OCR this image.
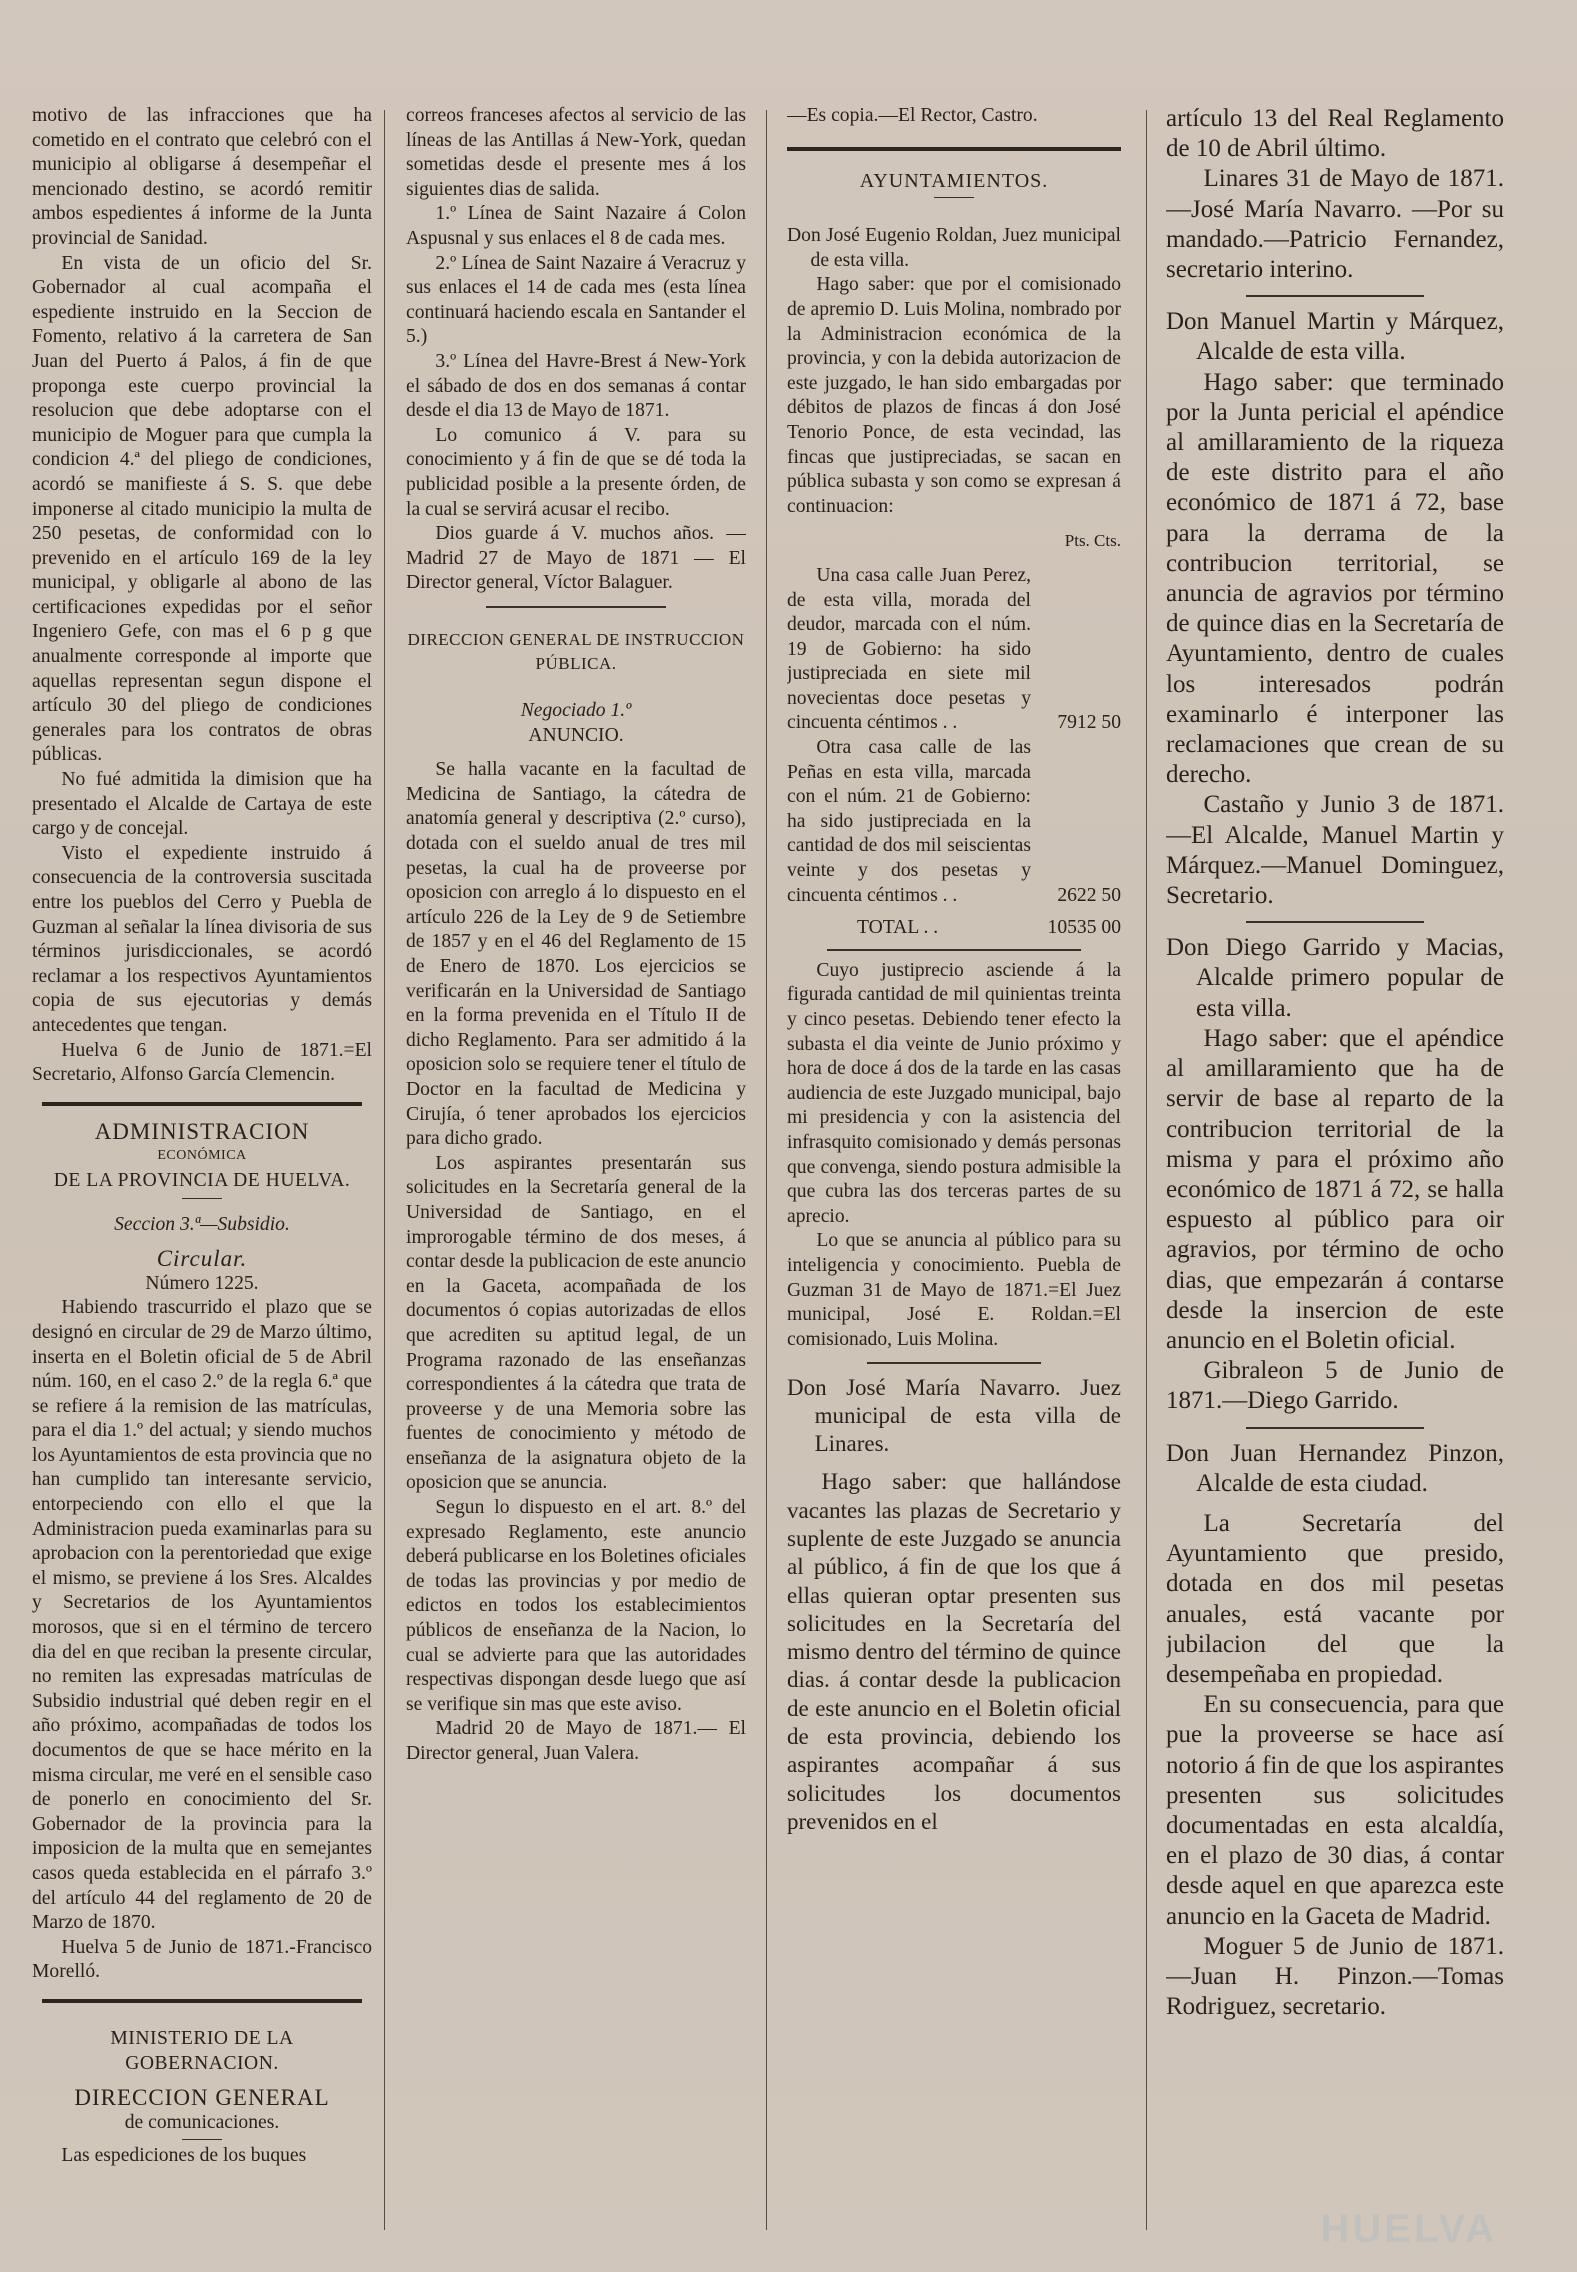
motivo de las infracciones que ha cometido en el contrato que celebró con el municipio al obligarse á desempeñar el mencionado destino, se acordó remitir ambos espedientes á informe de la Junta provincial de Sanidad.

En vista de un oficio del Sr. Gobernador al cual acompaña el espediente instruido en la Seccion de Fomento, relativo á la carretera de San Juan del Puerto á Palos, á fin de que proponga este cuerpo provincial la resolucion que debe adoptarse con el municipio de Moguer para que cumpla la condicion 4.ª del pliego de condiciones, acordó se manifieste á S. S. que debe imponerse al citado municipio la multa de 250 pesetas, de conformidad con lo prevenido en el artículo 169 de la ley municipal, y obligarle al abono de las certificaciones expedidas por el señor Ingeniero Gefe, con mas el 6 p g que anualmente corresponde al importe que aquellas representan segun dispone el artículo 30 del pliego de condiciones generales para los contratos de obras públicas.

No fué admitida la dimision que ha presentado el Alcalde de Cartaya de este cargo y de concejal.

Visto el expediente instruido á consecuencia de la controversia suscitada entre los pueblos del Cerro y Puebla de Guzman al señalar la línea divisoria de sus términos jurisdiccionales, se acordó reclamar a los respectivos Ayuntamientos copia de sus ejecutorias y demás antecedentes que tengan.

Huelva 6 de Junio de 1871.=El Secretario, Alfonso García Clemencin.

ADMINISTRACION

ECONÓMICA

DE LA PROVINCIA DE HUELVA.

Seccion 3.ª—Subsidio.

Circular.

Número 1225.

Habiendo trascurrido el plazo que se designó en circular de 29 de Marzo último, inserta en el Boletin oficial de 5 de Abril núm. 160, en el caso 2.º de la regla 6.ª que se refiere á la remision de las matrículas, para el dia 1.º del actual; y siendo muchos los Ayuntamientos de esta provincia que no han cumplido tan interesante servicio, entorpeciendo con ello el que la Administracion pueda examinarlas para su aprobacion con la perentoriedad que exige el mismo, se previene á los Sres. Alcaldes y Secretarios de los Ayuntamientos morosos, que si en el término de tercero dia del en que reciban la presente circular, no remiten las expresadas matrículas de Subsidio industrial qué deben regir en el año próximo, acompañadas de todos los documentos de que se hace mérito en la misma circular, me veré en el sensible caso de ponerlo en conocimiento del Sr. Gobernador de la provincia para la imposicion de la multa que en semejantes casos queda establecida en el párrafo 3.º del artículo 44 del reglamento de 20 de Marzo de 1870.

Huelva 5 de Junio de 1871.-Francisco Morelló.

MINISTERIO DE LA GOBERNACION.

DIRECCION GENERAL

de comunicaciones.

Las espediciones de los buques

correos franceses afectos al servicio de las líneas de las Antillas á New-York, quedan sometidas desde el presente mes á los siguientes dias de salida.

1.º Línea de Saint Nazaire á Colon Aspusnal y sus enlaces el 8 de cada mes.

2.º Línea de Saint Nazaire á Veracruz y sus enlaces el 14 de cada mes (esta línea continuará haciendo escala en Santander el 5.)

3.º Línea del Havre-Brest á New-York el sábado de dos en dos semanas á contar desde el dia 13 de Mayo de 1871.

Lo comunico á V. para su conocimiento y á fin de que se dé toda la publicidad posible a la presente órden, de la cual se servirá acusar el recibo.

Dios guarde á V. muchos años. —Madrid 27 de Mayo de 1871 — El Director general, Víctor Balaguer.

DIRECCION GENERAL DE INSTRUCCION PÚBLICA.

Negociado 1.º

ANUNCIO.

Se halla vacante en la facultad de Medicina de Santiago, la cátedra de anatomía general y descriptiva (2.º curso), dotada con el sueldo anual de tres mil pesetas, la cual ha de proveerse por oposicion con arreglo á lo dispuesto en el artículo 226 de la Ley de 9 de Setiembre de 1857 y en el 46 del Reglamento de 15 de Enero de 1870. Los ejercicios se verificarán en la Universidad de Santiago en la forma prevenida en el Título II de dicho Reglamento. Para ser admitido á la oposicion solo se requiere tener el título de Doctor en la facultad de Medicina y Cirujía, ó tener aprobados los ejercicios para dicho grado.

Los aspirantes presentarán sus solicitudes en la Secretaría general de la Universidad de Santiago, en el improrogable término de dos meses, á contar desde la publicacion de este anuncio en la Gaceta, acompañada de los documentos ó copias autorizadas de ellos que acrediten su aptitud legal, de un Programa razonado de las enseñanzas correspondientes á la cátedra que trata de proveerse y de una Memoria sobre las fuentes de conocimiento y método de enseñanza de la asignatura objeto de la oposicion que se anuncia.

Segun lo dispuesto en el art. 8.º del expresado Reglamento, este anuncio deberá publicarse en los Boletines oficiales de todas las provincias y por medio de edictos en todos los establecimientos públicos de enseñanza de la Nacion, lo cual se advierte para que las autoridades respectivas dispongan desde luego que así se verifique sin mas que este aviso.

Madrid 20 de Mayo de 1871.— El Director general, Juan Valera.

—Es copia.—El Rector, Castro.

AYUNTAMIENTOS.

Don José Eugenio Roldan, Juez municipal de esta villa.

Hago saber: que por el comisionado de apremio D. Luis Molina, nombrado por la Administracion económica de la provincia, y con la debida autorizacion de este juzgado, le han sido embargadas por débitos de plazos de fincas á don José Tenorio Ponce, de esta vecindad, las fincas que justipreciadas, se sacan en pública subasta y son como se expresan á continuacion:

Pts. Cts.

Una casa calle Juan Perez, de esta villa, morada del deudor, marcada con el núm. 19 de Gobierno: ha sido justipreciada en siete mil novecientas doce pesetas y cincuenta céntimos . .	7912 50

Otra casa calle de las Peñas en esta villa, marcada con el núm. 21 de Gobierno: ha sido justipreciada en la cantidad de dos mil seiscientas veinte y dos pesetas y cincuenta céntimos . .	2622 50
TOTAL . .	10535 00

Cuyo justiprecio asciende á la figurada cantidad de mil quinientas treinta y cinco pesetas. Debiendo tener efecto la subasta el dia veinte de Junio próximo y hora de doce á dos de la tarde en las casas audiencia de este Juzgado municipal, bajo mi presidencia y con la asistencia del infrasquito comisionado y demás personas que convenga, siendo postura admisible la que cubra las dos terceras partes de su aprecio.

Lo que se anuncia al público para su inteligencia y conocimiento. Puebla de Guzman 31 de Mayo de 1871.=El Juez municipal, José E. Roldan.=El comisionado, Luis Molina.

Don José María Navarro. Juez municipal de esta villa de Linares.

Hago saber: que hallándose vacantes las plazas de Secretario y suplente de este Juzgado se anuncia al público, á fin de que los que á ellas quieran optar presenten sus solicitudes en la Secretaría del mismo dentro del término de quince dias. á contar desde la publicacion de este anuncio en el Boletin oficial de esta provincia, debiendo los aspirantes acompañar á sus solicitudes los documentos prevenidos en el

artículo 13 del Real Reglamento de 10 de Abril último.

Linares 31 de Mayo de 1871.—José María Navarro. —Por su mandado.—Patricio Fernandez, secretario interino.

Don Manuel Martin y Márquez, Alcalde de esta villa.

Hago saber: que terminado por la Junta pericial el apéndice al amillaramiento de la riqueza de este distrito para el año económico de 1871 á 72, base para la derrama de la contribucion territorial, se anuncia de agravios por término de quince dias en la Secretaría de Ayuntamiento, dentro de cuales los interesados podrán examinarlo é interponer las reclamaciones que crean de su derecho.

Castaño y Junio 3 de 1871. —El Alcalde, Manuel Martin y Márquez.—Manuel Dominguez, Secretario.

Don Diego Garrido y Macias, Alcalde primero popular de esta villa.

Hago saber: que el apéndice al amillaramiento que ha de servir de base al reparto de la contribucion territorial de la misma y para el próximo año económico de 1871 á 72, se halla espuesto al público para oir agravios, por término de ocho dias, que empezarán á contarse desde la insercion de este anuncio en el Boletin oficial.

Gibraleon 5 de Junio de 1871.—Diego Garrido.

Don Juan Hernandez Pinzon, Alcalde de esta ciudad.

La Secretaría del Ayuntamiento que presido, dotada en dos mil pesetas anuales, está vacante por jubilacion del que la desempeñaba en propiedad.

En su consecuencia, para que pue la proveerse se hace así notorio á fin de que los aspirantes presenten sus solicitudes documentadas en esta alcaldía, en el plazo de 30 dias, á contar desde aquel en que aparezca este anuncio en la Gaceta de Madrid.

Moguer 5 de Junio de 1871. —Juan H. Pinzon.—Tomas Rodriguez, secretario.

HUELVA
